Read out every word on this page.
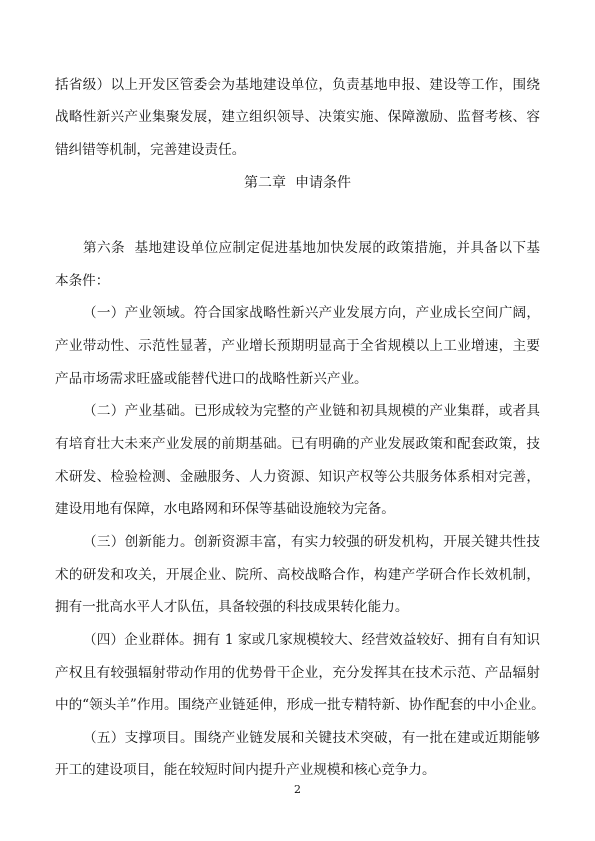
括省级）以上开发区管委会为基地建设单位，负责基地申报、建设等工作，围绕
战略性新兴产业集聚发展，建立组织领导、决策实施、保障激励、监督考核、容
错纠错等机制，完善建设责任。
第二章  申请条件
第六条  基地建设单位应制定促进基地加快发展的政策措施，并具备以下基
本条件：
（一）产业领域。符合国家战略性新兴产业发展方向，产业成长空间广阔，
产业带动性、示范性显著，产业增长预期明显高于全省规模以上工业增速，主要
产品市场需求旺盛或能替代进口的战略性新兴产业。
（二）产业基础。已形成较为完整的产业链和初具规模的产业集群，或者具
有培育壮大未来产业发展的前期基础。已有明确的产业发展政策和配套政策，技
术研发、检验检测、金融服务、人力资源、知识产权等公共服务体系相对完善，
建设用地有保障，水电路网和环保等基础设施较为完备。
（三）创新能力。创新资源丰富，有实力较强的研发机构，开展关键共性技
术的研发和攻关，开展企业、院所、高校战略合作，构建产学研合作长效机制，
拥有一批高水平人才队伍，具备较强的科技成果转化能力。
（四）企业群体。拥有 1 家或几家规模较大、经营效益较好、拥有自有知识
产权且有较强辐射带动作用的优势骨干企业，充分发挥其在技术示范、产品辐射
中的“领头羊”作用。围绕产业链延伸，形成一批专精特新、协作配套的中小企业。
（五）支撑项目。围绕产业链发展和关键技术突破，有一批在建或近期能够
开工的建设项目，能在较短时间内提升产业规模和核心竞争力。
2
